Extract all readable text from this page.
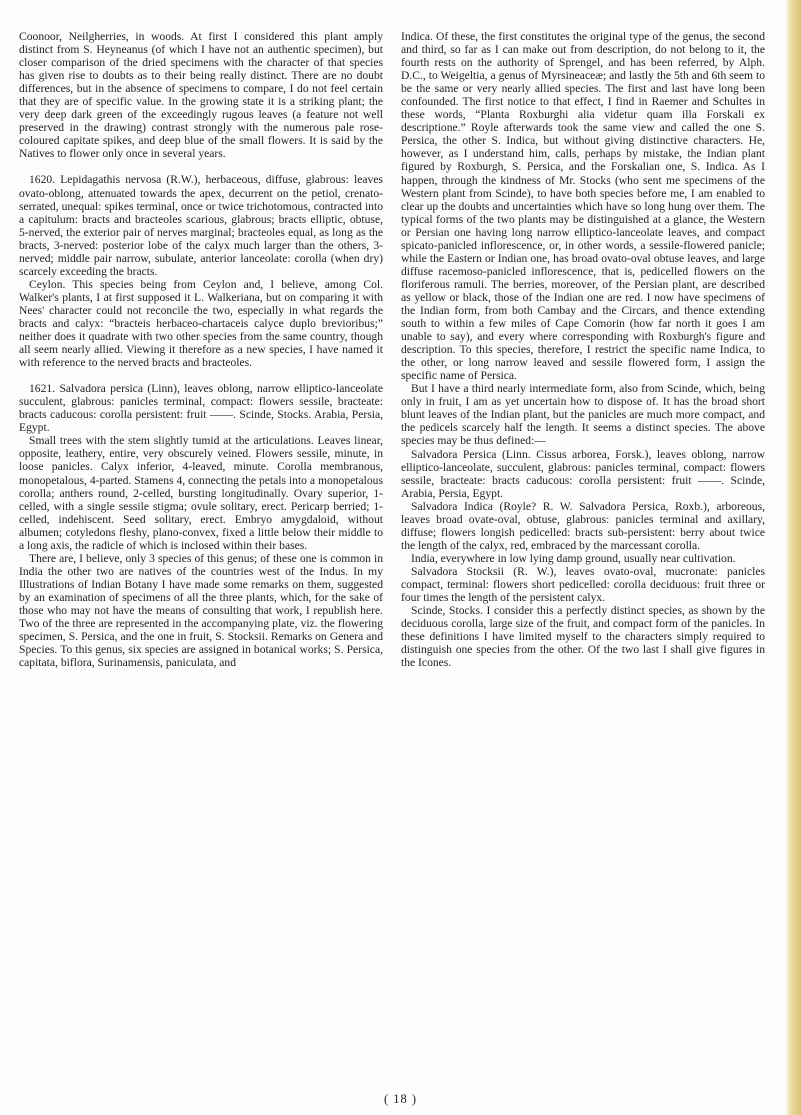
Coonoor, Neilgherries, in woods. At first I considered this plant amply distinct from S. Heyneanus (of which I have not an authentic specimen), but closer comparison of the dried specimens with the character of that species has given rise to doubts as to their being really distinct. There are no doubt differences, but in the absence of specimens to compare, I do not feel certain that they are of specific value. In the growing state it is a striking plant; the very deep dark green of the exceedingly rugous leaves (a feature not well preserved in the drawing) contrast strongly with the numerous pale rose-coloured capitate spikes, and deep blue of the small flowers. It is said by the Natives to flower only once in several years.

1620. Lepidagathis nervosa (R.W.), herbaceous, diffuse, glabrous: leaves ovato-oblong, attenuated towards the apex, decurrent on the petiol, crenato-serrated, unequal: spikes terminal, once or twice trichotomous, contracted into a capitulum: bracts and bracteoles scarious, glabrous; bracts elliptic, obtuse, 5-nerved, the exterior pair of nerves marginal; bracteoles equal, as long as the bracts, 3-nerved: posterior lobe of the calyx much larger than the others, 3-nerved; middle pair narrow, subulate, anterior lanceolate: corolla (when dry) scarcely exceeding the bracts.

Ceylon. This species being from Ceylon and, I believe, among Col. Walker's plants, I at first supposed it L. Walkeriana, but on comparing it with Nees' character could not reconcile the two, especially in what regards the bracts and calyx: “bracteis herbaceo-chartaceis calyce duplo brevioribus;” neither does it quadrate with two other species from the same country, though all seem nearly allied. Viewing it therefore as a new species, I have named it with reference to the nerved bracts and bracteoles.

1621. Salvadora persica (Linn), leaves oblong, narrow elliptico-lanceolate succulent, glabrous: panicles terminal, compact: flowers sessile, bracteate: bracts caducous: corolla persistent: fruit ——. Scinde, Stocks. Arabia, Persia, Egypt.

Small trees with the stem slightly tumid at the articulations. Leaves linear, opposite, leathery, entire, very obscurely veined. Flowers sessile, minute, in loose panicles. Calyx inferior, 4-leaved, minute. Corolla membranous, monopetalous, 4-parted. Stamens 4, connecting the petals into a monopetalous corolla; anthers round, 2-celled, bursting longitudinally. Ovary superior, 1-celled, with a single sessile stigma; ovule solitary, erect. Pericarp berried; 1-celled, indehiscent. Seed solitary, erect. Embryo amygdaloid, without albumen; cotyledons fleshy, plano-convex, fixed a little below their middle to a long axis, the radicle of which is inclosed within their bases.

There are, I believe, only 3 species of this genus; of these one is common in India the other two are natives of the countries west of the Indus. In my Illustrations of Indian Botany I have made some remarks on them, suggested by an examination of specimens of all the three plants, which, for the sake of those who may not have the means of consulting that work, I republish here. Two of the three are represented in the accompanying plate, viz. the flowering specimen, S. Persica, and the one in fruit, S. Stocksii. Remarks on Genera and Species. To this genus, six species are assigned in botanical works; S. Persica, capitata, biflora, Surinamensis, paniculata, and

Indica. Of these, the first constitutes the original type of the genus, the second and third, so far as I can make out from description, do not belong to it, the fourth rests on the authority of Sprengel, and has been referred, by Alph. D.C., to Weigeltia, a genus of Myrsineaceæ; and lastly the 5th and 6th seem to be the same or very nearly allied species. The first and last have long been confounded. The first notice to that effect, I find in Raemer and Schultes in these words, “Planta Roxburghi alia videtur quam illa Forskali ex descriptione.” Royle afterwards took the same view and called the one S. Persica, the other S. Indica, but without giving distinctive characters. He, however, as I understand him, calls, perhaps by mistake, the Indian plant figured by Roxburgh, S. Persica, and the Forskalian one, S. Indica. As I happen, through the kindness of Mr. Stocks (who sent me specimens of the Western plant from Scinde), to have both species before me, I am enabled to clear up the doubts and uncertainties which have so long hung over them. The typical forms of the two plants may be distinguished at a glance, the Western or Persian one having long narrow elliptico-lanceolate leaves, and compact spicato-panicled inflorescence, or, in other words, a sessile-flowered panicle; while the Eastern or Indian one, has broad ovato-oval obtuse leaves, and large diffuse racemoso-panicled inflorescence, that is, pedicelled flowers on the floriferous ramuli. The berries, moreover, of the Persian plant, are described as yellow or black, those of the Indian one are red. I now have specimens of the Indian form, from both Cambay and the Circars, and thence extending south to within a few miles of Cape Comorin (how far north it goes I am unable to say), and every where corresponding with Roxburgh's figure and description. To this species, therefore, I restrict the specific name Indica, to the other, or long narrow leaved and sessile flowered form, I assign the specific name of Persica.

But I have a third nearly intermediate form, also from Scinde, which, being only in fruit, I am as yet uncertain how to dispose of. It has the broad short blunt leaves of the Indian plant, but the panicles are much more compact, and the pedicels scarcely half the length. It seems a distinct species. The above species may be thus defined:—

Salvadora Persica (Linn. Cissus arborea, Forsk.), leaves oblong, narrow elliptico-lanceolate, succulent, glabrous: panicles terminal, compact: flowers sessile, bracteate: bracts caducous: corolla persistent: fruit ——. Scinde, Arabia, Persia, Egypt.

Salvadora Indica (Royle? R. W. Salvadora Persica, Roxb.), arboreous, leaves broad ovate-oval, obtuse, glabrous: panicles terminal and axillary, diffuse; flowers longish pedicelled: bracts sub-persistent: berry about twice the length of the calyx, red, embraced by the marcessant corolla.

India, everywhere in low lying damp ground, usually near cultivation.

Salvadora Stocksii (R. W.), leaves ovato-oval, mucronate: panicles compact, terminal: flowers short pedicelled: corolla deciduous: fruit three or four times the length of the persistent calyx.

Scinde, Stocks. I consider this a perfectly distinct species, as shown by the deciduous corolla, large size of the fruit, and compact form of the panicles. In these definitions I have limited myself to the characters simply required to distinguish one species from the other. Of the two last I shall give figures in the Icones.

( 18 )
